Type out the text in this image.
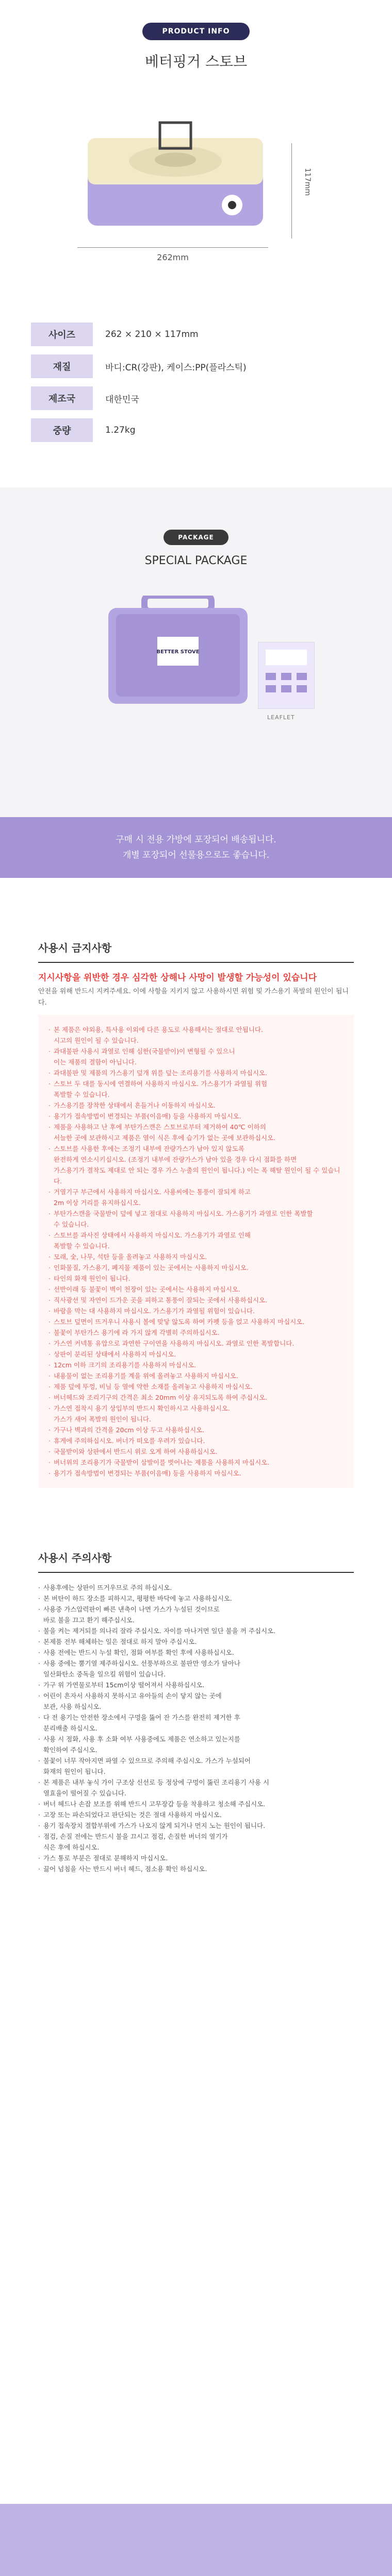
PRODUCT INFO
베터핑거 스토브
262mm
117mm
사이즈	262 × 210 × 117mm
재질	바디:CR(강판), 케이스:PP(플라스틱)
제조국	대한민국
중량	1.27kg
PACKAGE
SPECIAL PACKAGE
BETTER STOVE
LEAFLET

구매 시 전용 가방에 포장되어 배송됩니다.

개별 포장되어 선물용으로도 좋습니다.

사용시 금지사항
지시사항을 위반한 경우 심각한 상해나 사망이 발생할 가능성이 있습니다
안전을 위해 반드시 지켜주세요. 이에 사항을 지키지 않고 사용하시면 위험 및 가스용기 폭발의 원인이 됩니다.
· 본 제품은 야외용, 특사용 이외에 다른 용도로 사용해서는 절대로 안됩니다.
시고의 원인이 될 수 있습니다.
· 과대불판 사용시 과열로 인해 심한(국물받이)이 변형될 수 있으니
이는 제품의 결함이 아닙니다.
· 과대불판 및 제품의 가스용기 덮개 위를 덮는 조리용기를 사용하지 마십시오.
· 스토브 두 대를 동시에 연결하여 사용하지 마십시오. 가스용기가 과열될 위험
폭발할 수 있습니다.
· 가스용기를 장착한 상태에서 흔들거나 이동하지 마십시오.
· 용기가 접속방법이 변경되는 부품(이음매) 등을 사용하지 마십시오.
· 제품을 사용하고 난 후에 부탄가스캔은 스토브로부터 제거하여 40℃ 이하의
서늘한 곳에 보관하시고 제품은 열이 식은 후에 습기가 없는 곳에 보관하십시오.
· 스토브를 사용한 후에는 조정기 내부에 잔량가스가 남아 있지 않도록
완전하게 연소시키십시오. (조정기 내부에 잔량가스가 남아 있을 경우 다시 점화를 하면
가스용기가 결착도 제대로 안 되는 경우 가스 누출의 원인이 됩니다.) 이는 폭 해탈 원인이 될 수 있습니다.
· 거열기구 부근에서 사용하지 마십시오. 사용씨에는 통풍이 잘되게 하고
2m 이상 거리를 유지하십시오.
· 부탄가스캔을 국물받이 덮에 넣고 절대로 사용하지 마십시오. 가스용기가 과열로 인한 폭발할
수 있습니다.
· 스토브를 과사진 상태에서 사용하지 마십시오. 가스용기가 과열로 인해
폭발할 수 있습니다.
· 모래, 숯, 나무, 석탄 등을 올려놓고 사용하지 마십시오.
· 인화물질, 가스용기, 폐지물 제품이 있는 곳에서는 사용하지 마십시오.
· 타인의 화재 원인이 됩니다.
· 선반이래 등 불꽃이 벽이 천장이 있는 곳에서는 사용하지 마십시오.
· 직사광선 및 자연이 드가운 곳을 피하고 통풍이 잘되는 곳에서 사용하십시오.
· 바람을 막는 대 사용하지 마십시오. 가스용기가 과열될 위험이 있습니다.
· 스토브 덮면이 뜨거우니 사용시 볼에 맞닿 않도록 하여 카펫 등을 얹고 사용하지 마십시오.
· 불꽃이 부탄가스 용기에 라 가지 않게 각별히 주의하십시오.
· 가스연 커넥통 유압으로 과연한 구이연을 사용하지 마십시오. 과열로 인한 폭발합니다.
· 상판이 분리된 상태에서 사용하지 마십시오.
· 12cm 이하 크기의 조리용기를 사용하지 마십시오.
· 내용물이 없는 조리용기를 계을 위에 올려놓고 사용하지 마십시오.
· 제품 덮에 뚜껑, 비닐 등 열에 약한 소재를 올려놓고 사용하지 마십시오.
· 버너헤드와 조리기구의 간격은 최소 20mm 이상 유지되도록 하여 주십시오.
· 가스연 접착시 용기 상입부의 반드시 확인하시고 사용하십시오.
가스가 새어 폭발의 원인이 됩니다.
· 가구나 벽과의 간격을 20cm 이상 두고 사용하십시오.
· 휴게에 주의하십시오. 버너가 떠오를 우려가 있습니다.
· 국물받이와 상판에서 반드시 위로 오게 하여 사용하십시오.
· 버너위의 조리용기가 국물받이 삼발이를 벗어나는 제품을 사용하지 마십시오.
· 용기가 접속방법이 변경되는 부품(이음매) 등을 사용하지 마십시오.
사용시 주의사항
· 사용후에는 상판이 뜨거우므로 주의 하십시오.
· 본 버탄이 하드 장소를 피하시고, 평평한 바닥에 놓고 사용하십시오.
· 사용중 가스압력판이 빠른 낸축이 나면 가스가 누설된 것이므로
바로 불을 끄고 환기 해주십시오.
· 불을 켜는 제거되를 의나리 잘라 주십시오. 자이를 마나거면 일단 불을 꺼 주십시오.
· 본제품 전부 해체하는 일은 절대로 하지 말아 주십시오.
· 사용 전에는 반드시 누설 확인, 점화 여부를 확인 후에 사용하십시오.
· 사용 중에는 뿜기열 제주하십시오. 선풍부하으로 불판만 영소가 달아나
일산화탄소 중독을 일으킬 위험이 있습니다.
· 가구 위 가연물로부터 15cm이상 떨어져서 사용하십시오.
· 어린이 흔자서 사용하지 못하시고 유아들의 손이 닿지 않는 곳에
보관, 사용 하십시오.
· 다 전 용기는 안전한 장소에서 구멍을 뚫어 잔 가스를 완전히 제거한 후
분리배출 하십시오.
· 사용 시 점화, 사용 후 소화 여부 사용중에도 제품은 연소하고 있는지를
확인하여 주십시오.
· 불꽃이 너무 작아지면 파열 수 있으므로 주의해 주십시오. 가스가 누설되어
화재의 원인이 됩니다.
· 본 제품은 내부 놓식 가이 구조상 신선로 등 정상에 구멍이 뚫린 조리용기 사용 시
열효율이 떨어질 수 있습니다.
· 버너 헤드나 손잡 보조를 위해 반드시 고무장갑 등을 착용하고 청소해 주십시오.
· 고장 또는 파손되었다고 판단되는 것은 절대 사용하지 마십시오.
· 용기 접속장치 결합부위에 가스가 나오지 않게 되거나 먼지 노는 원인이 됩니다.
· 점검, 손질 전에는 반드시 불을 끄시고 점검, 손질한 버너의 열기가
식은 후에 하십시오.
· 가스 통로 부분은 절대로 분해하지 마십시오.
· 끓어 넘침을 사는 반드시 버너 헤드, 점소용 확인 하십시오.
